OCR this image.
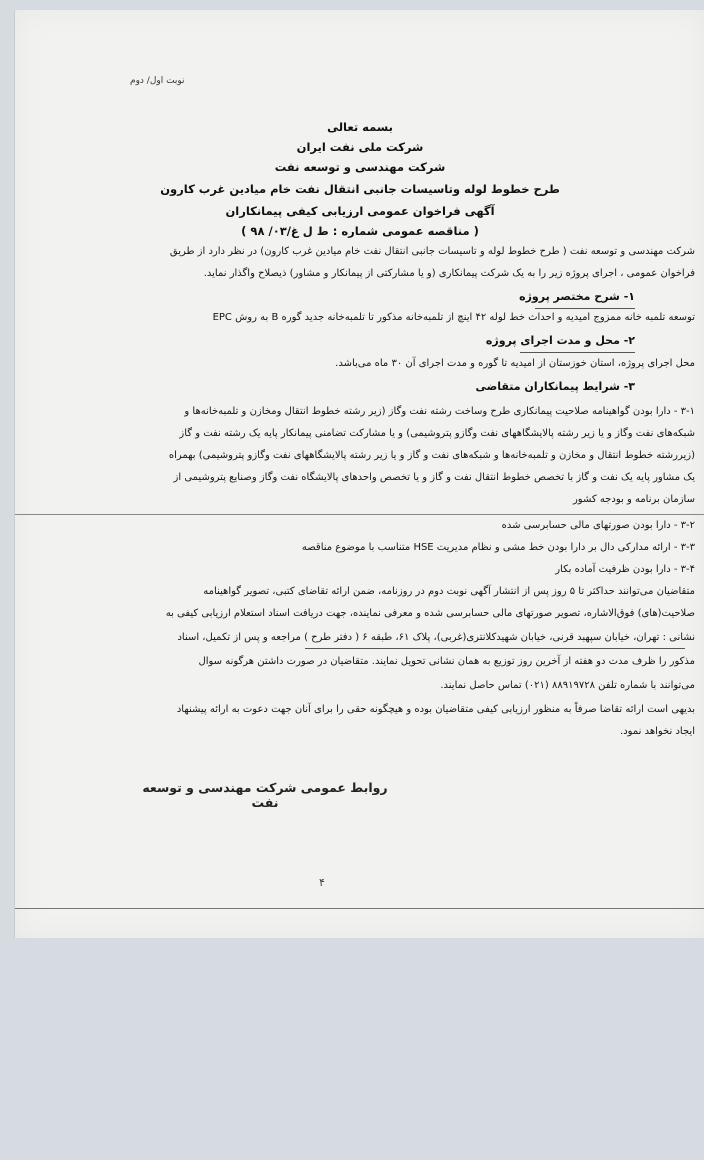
نوبت اول/ دوم
بسمه تعالی
شرکت ملی نفت ایران
شرکت مهندسی و توسعه نفت
طرح خطوط لوله وتاسیسات جانبی انتقال نفت خام میادین غرب کارون
آگهی فراخوان عمومی ارزیابی کیفی پیمانکاران
( مناقصه عمومی شماره : ط ل غ/۰۳/ ۹۸ )
شرکت مهندسی و توسعه نفت ( طرح خطوط لوله و تاسیسات جانبی انتقال نفت خام میادین غرب کارون) در نظر دارد از طریق
فراخوان عمومی ، اجرای پروژه زیر را به یک شرکت پیمانکاری (و یا مشارکتی از پیمانکار و مشاور) ذیصلاح واگذار نماید.
۱- شرح مختصر پروژه
توسعه تلمبه خانه ممزوج امیدیه و احداث خط لوله ۴۲ اینچ از تلمبه‌خانه مذکور تا تلمبه‌خانه جدید گوره B به روش EPC
۲- محل و مدت اجرای پروژه
محل اجرای پروژه، استان خوزستان از امیدیه تا گوره و مدت اجرای آن ۳۰ ماه می‌باشد.
۳- شرایط پیمانکاران متقاضی
۳-۱ - دارا بودن گواهینامه صلاحیت پیمانکاری طرح وساخت رشته نفت وگاز (زیر رشته خطوط انتقال ومخازن و تلمبه‌خانه‌ها و
شبکه‌های نفت وگاز و یا زیر رشته پالایشگاههای نفت وگازو پتروشیمی) و یا مشارکت تضامنی پیمانکار پایه یک رشته نفت و گاز
(زیررشته خطوط انتقال و مخازن و تلمبه‌خانه‌ها و شبکه‌های نفت و گاز و یا زیر رشته پالایشگاههای نفت وگازو پتروشیمی) بهمراه
یک مشاور پایه یک نفت و گاز با تخصص خطوط انتقال نفت و گاز و یا تخصص واحدهای پالایشگاه نفت وگاز وصنایع پتروشیمی از
سازمان برنامه و بودجه کشور
۳-۲ - دارا بودن صورتهای مالی حسابرسی شده
۳-۳ - ارائه مدارکی دال بر دارا بودن خط مشی و نظام مدیریت HSE متناسب با موضوع مناقصه
۳-۴ - دارا بودن ظرفیت آماده بکار
متقاضیان می‌توانند حداکثر تا ۵ روز پس از انتشار آگهی نوبت دوم در روزنامه، ضمن ارائه تقاضای کتبی، تصویر گواهینامه
صلاحیت(های) فوق‌الاشاره، تصویر صورتهای مالی حسابرسی شده و معرفی نماینده، جهت دریافت اسناد استعلام ارزیابی کیفی به
نشانی : تهران، خیابان سپهبد قرنی، خیابان شهیدکلانتری(غربی)، پلاک ۶۱، طبقه ۶ ( دفتر طرح ) مراجعه و پس از تکمیل، اسناد
مذکور را ظرف مدت دو هفته از آخرین روز توزیع به همان نشانی تحویل نمایند. متقاضیان در صورت داشتن هرگونه سوال
می‌توانند با شماره تلفن ۸۸۹۱۹۷۲۸ (۰۲۱) تماس حاصل نمایند.
بدیهی است ارائه تقاضا صرفاً به منظور ارزیابی کیفی متقاضیان بوده و هیچگونه حقی را برای آنان جهت دعوت به ارائه پیشنهاد
ایجاد نخواهد نمود.
روابط عمومی شرکت مهندسی و توسعه نفت
۴
